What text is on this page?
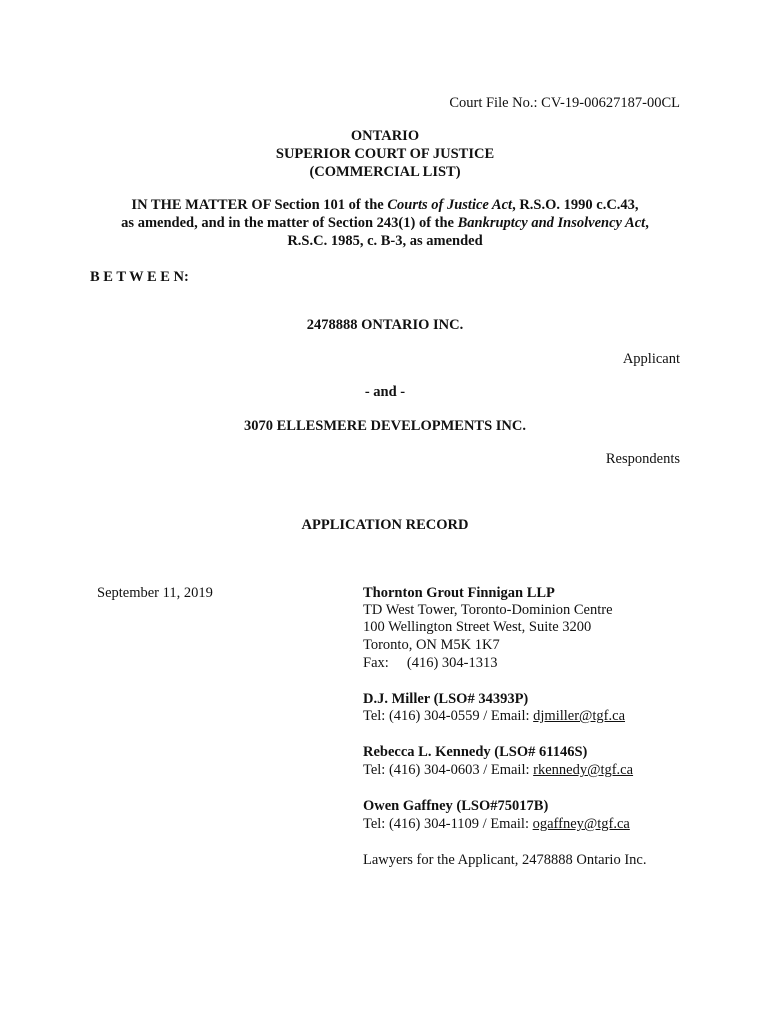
Court File No.: CV-19-00627187-00CL
ONTARIO
SUPERIOR COURT OF JUSTICE
(COMMERCIAL LIST)
IN THE MATTER OF Section 101 of the Courts of Justice Act, R.S.O. 1990 c.C.43,
as amended, and in the matter of Section 243(1) of the Bankruptcy and Insolvency Act,
R.S.C. 1985, c. B-3, as amended
B E T W E E N:
2478888 ONTARIO INC.
Applicant
- and -
3070 ELLESMERE DEVELOPMENTS INC.
Respondents
APPLICATION RECORD
September 11, 2019	Thornton Grout Finnigan LLP
TD West Tower, Toronto-Dominion Centre
100 Wellington Street West, Suite 3200
Toronto, ON M5K 1K7
Fax:     (416) 304-1313
D.J. Miller (LSO# 34393P)
Tel: (416) 304-0559 / Email: djmiller@tgf.ca
Rebecca L. Kennedy (LSO# 61146S)
Tel: (416) 304-0603 / Email: rkennedy@tgf.ca
Owen Gaffney (LSO#75017B)
Tel: (416) 304-1109 / Email: ogaffney@tgf.ca
Lawyers for the Applicant, 2478888 Ontario Inc.
